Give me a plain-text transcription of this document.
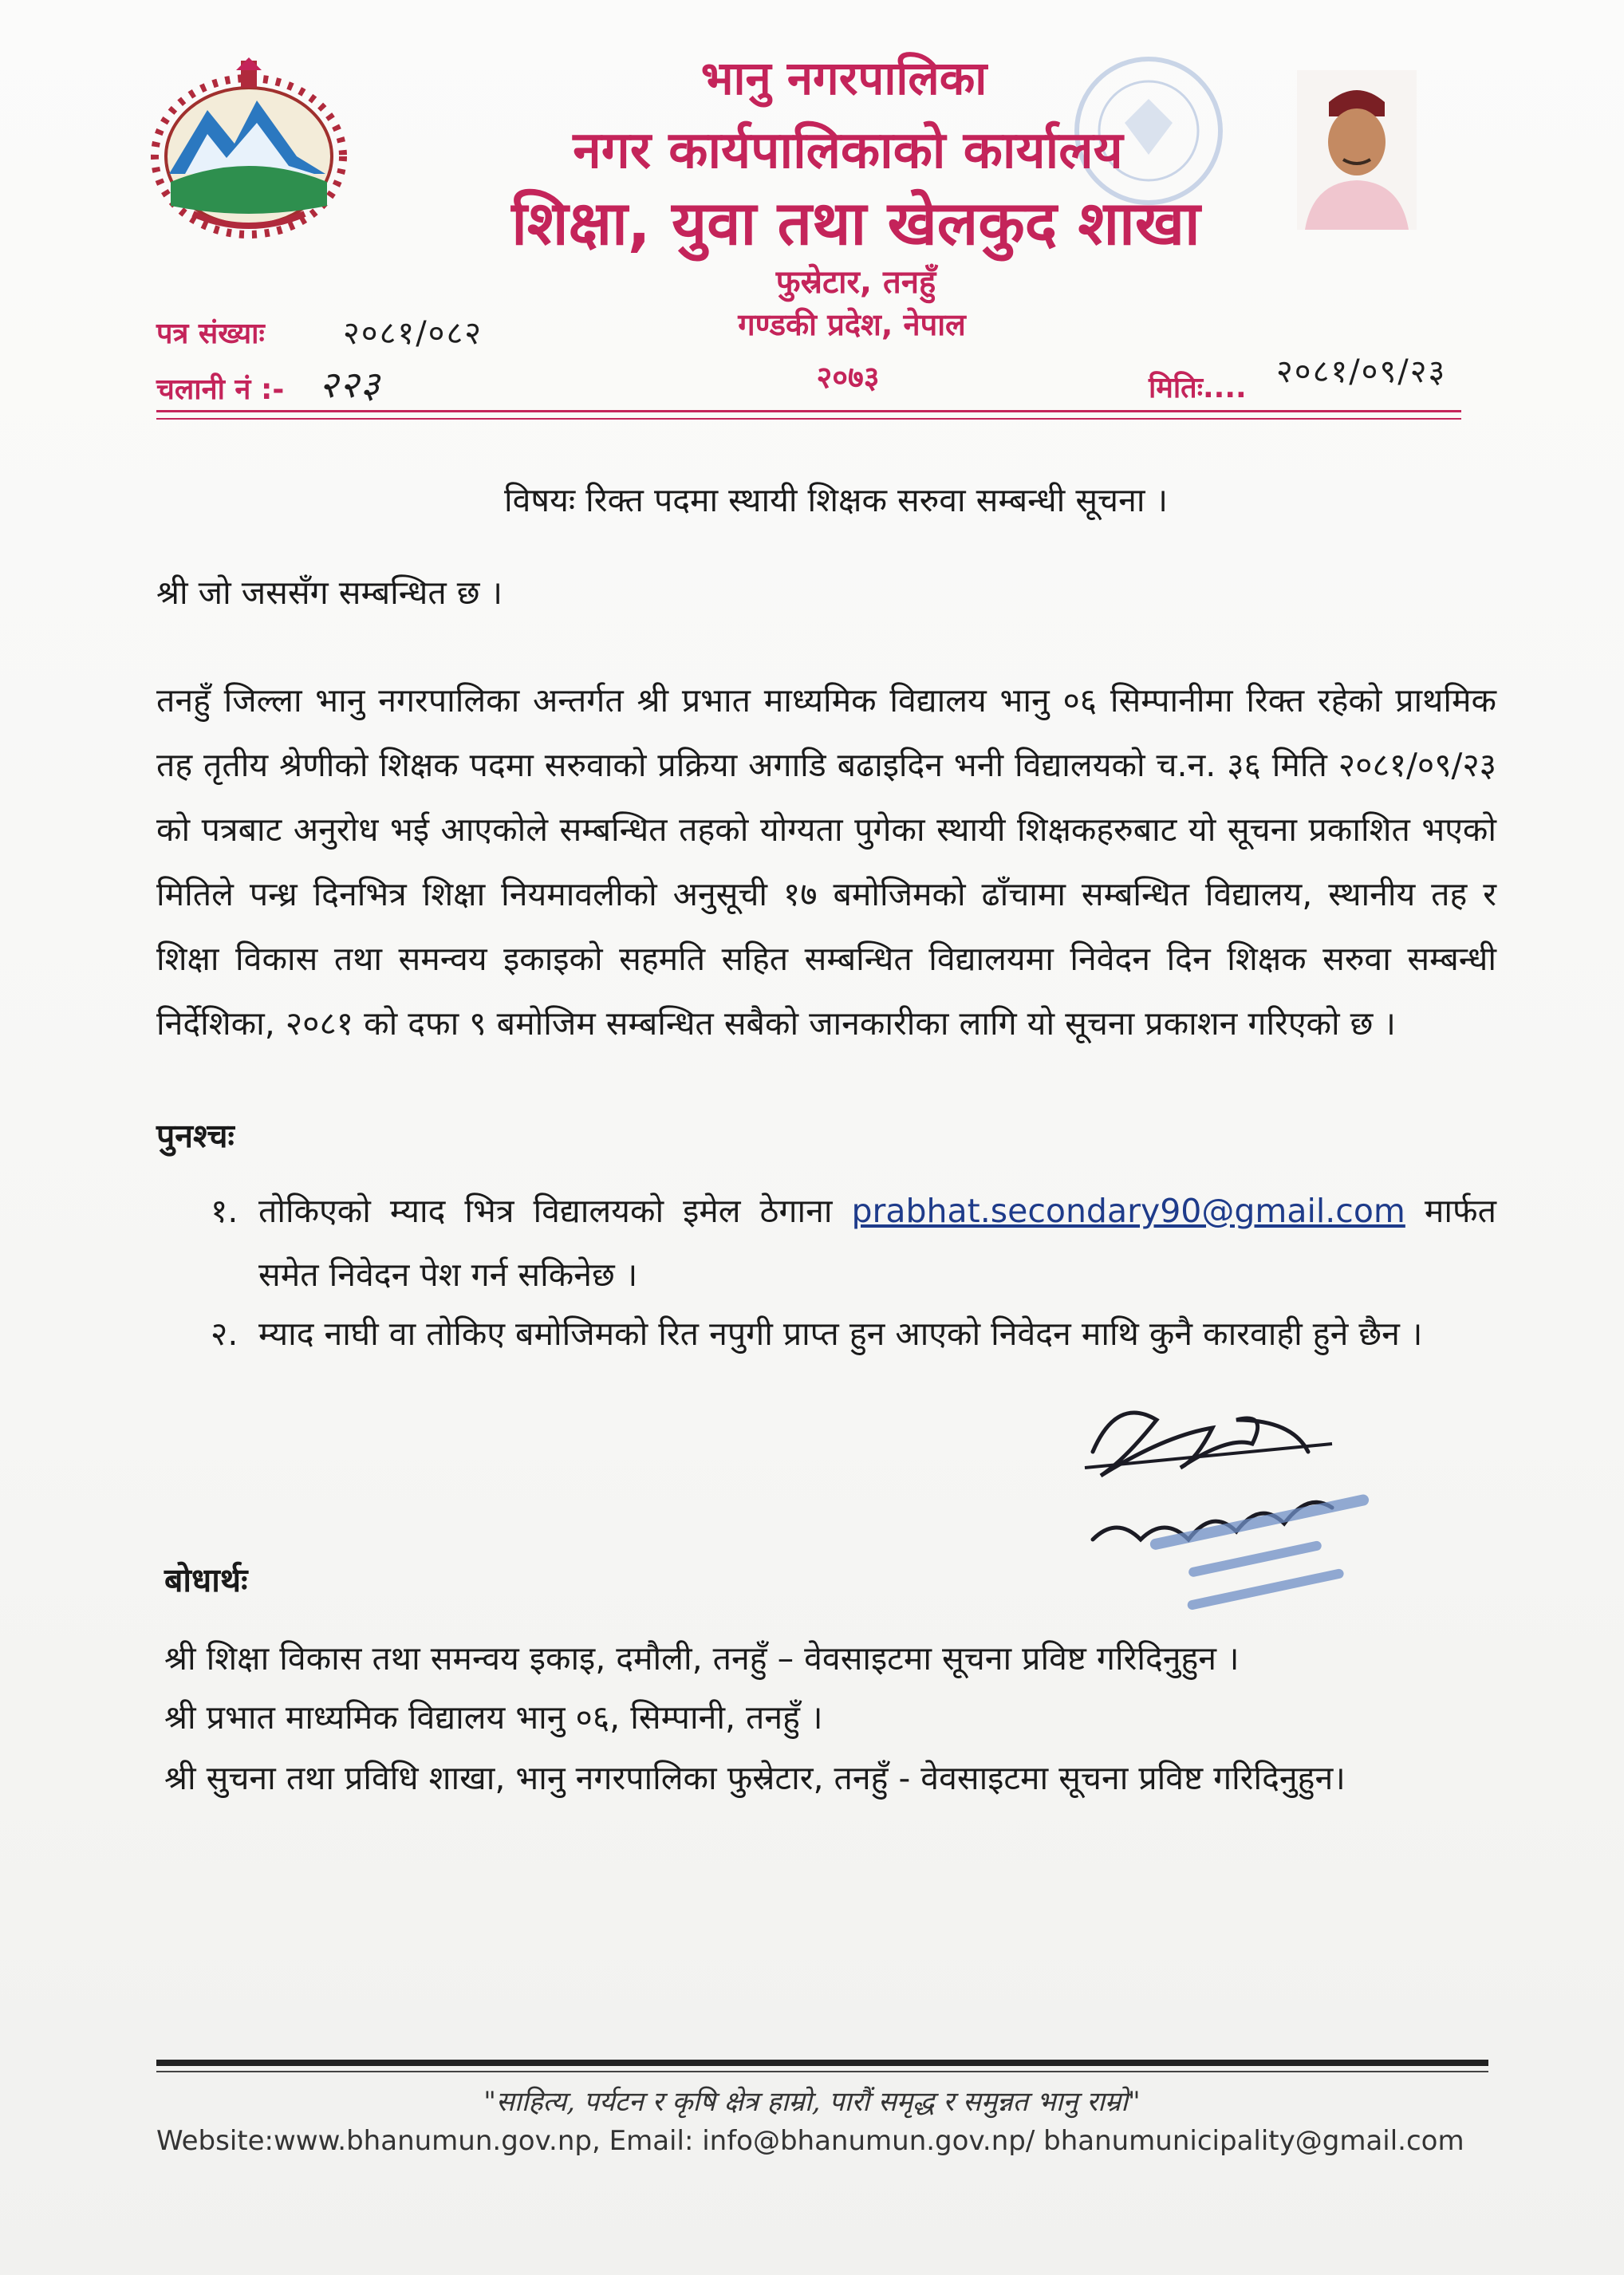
भानु नगरपालिका
नगर कार्यपालिकाको कार्यालय
शिक्षा, युवा तथा खेलकुद शाखा
फुस्रेटार, तनहुँ
गण्डकी प्रदेश, नेपाल
२०७३
पत्र संख्याः २०८१/०८२
चलानी नं :- २२३	मितिः.... २०८१/०९/२३
विषयः रिक्त पदमा स्थायी शिक्षक सरुवा सम्बन्धी सूचना ।
श्री जो जससँग सम्बन्धित छ ।
तनहुँ जिल्ला भानु नगरपालिका अन्तर्गत श्री प्रभात माध्यमिक विद्यालय भानु ०६ सिम्पानीमा रिक्त रहेको प्राथमिक तह तृतीय श्रेणीको शिक्षक पदमा सरुवाको प्रक्रिया अगाडि बढाइदिन भनी विद्यालयको च.न. ३६ मिति २०८१/०९/२३ को पत्रबाट अनुरोध भई आएकोले सम्बन्धित तहको योग्यता पुगेका स्थायी शिक्षकहरुबाट यो सूचना प्रकाशित भएको मितिले पन्ध्र दिनभित्र शिक्षा नियमावलीको अनुसूची १७ बमोजिमको ढाँचामा सम्बन्धित विद्यालय, स्थानीय तह र शिक्षा विकास तथा समन्वय इकाइको सहमति सहित सम्बन्धित विद्यालयमा निवेदन दिन शिक्षक सरुवा सम्बन्धी निर्देशिका, २०८१ को दफा ९ बमोजिम सम्बन्धित सबैको जानकारीका लागि यो सूचना प्रकाशन गरिएको छ ।
पुनश्चः
१. तोकिएको म्याद भित्र विद्यालयको इमेल ठेगाना prabhat.secondary90@gmail.com मार्फत समेत निवेदन पेश गर्न सकिनेछ ।
२. म्याद नाघी वा तोकिए बमोजिमको रित नपुगी प्राप्त हुन आएको निवेदन माथि कुनै कारवाही हुने छैन ।
बोधार्थः
श्री शिक्षा विकास तथा समन्वय इकाइ, दमौली, तनहुँ – वेवसाइटमा सूचना प्रविष्ट गरिदिनुहुन ।
श्री प्रभात माध्यमिक विद्यालय भानु ०६, सिम्पानी, तनहुँ ।
श्री सुचना तथा प्रविधि शाखा, भानु नगरपालिका फुस्रेटार, तनहुँ - वेवसाइटमा सूचना प्रविष्ट गरिदिनुहुन।
"साहित्य, पर्यटन र कृषि क्षेत्र हाम्रो, पारौं समृद्ध र समुन्नत भानु राम्रो"
Website:www.bhanumun.gov.np, Email: info@bhanumun.gov.np/ bhanumunicipality@gmail.com
